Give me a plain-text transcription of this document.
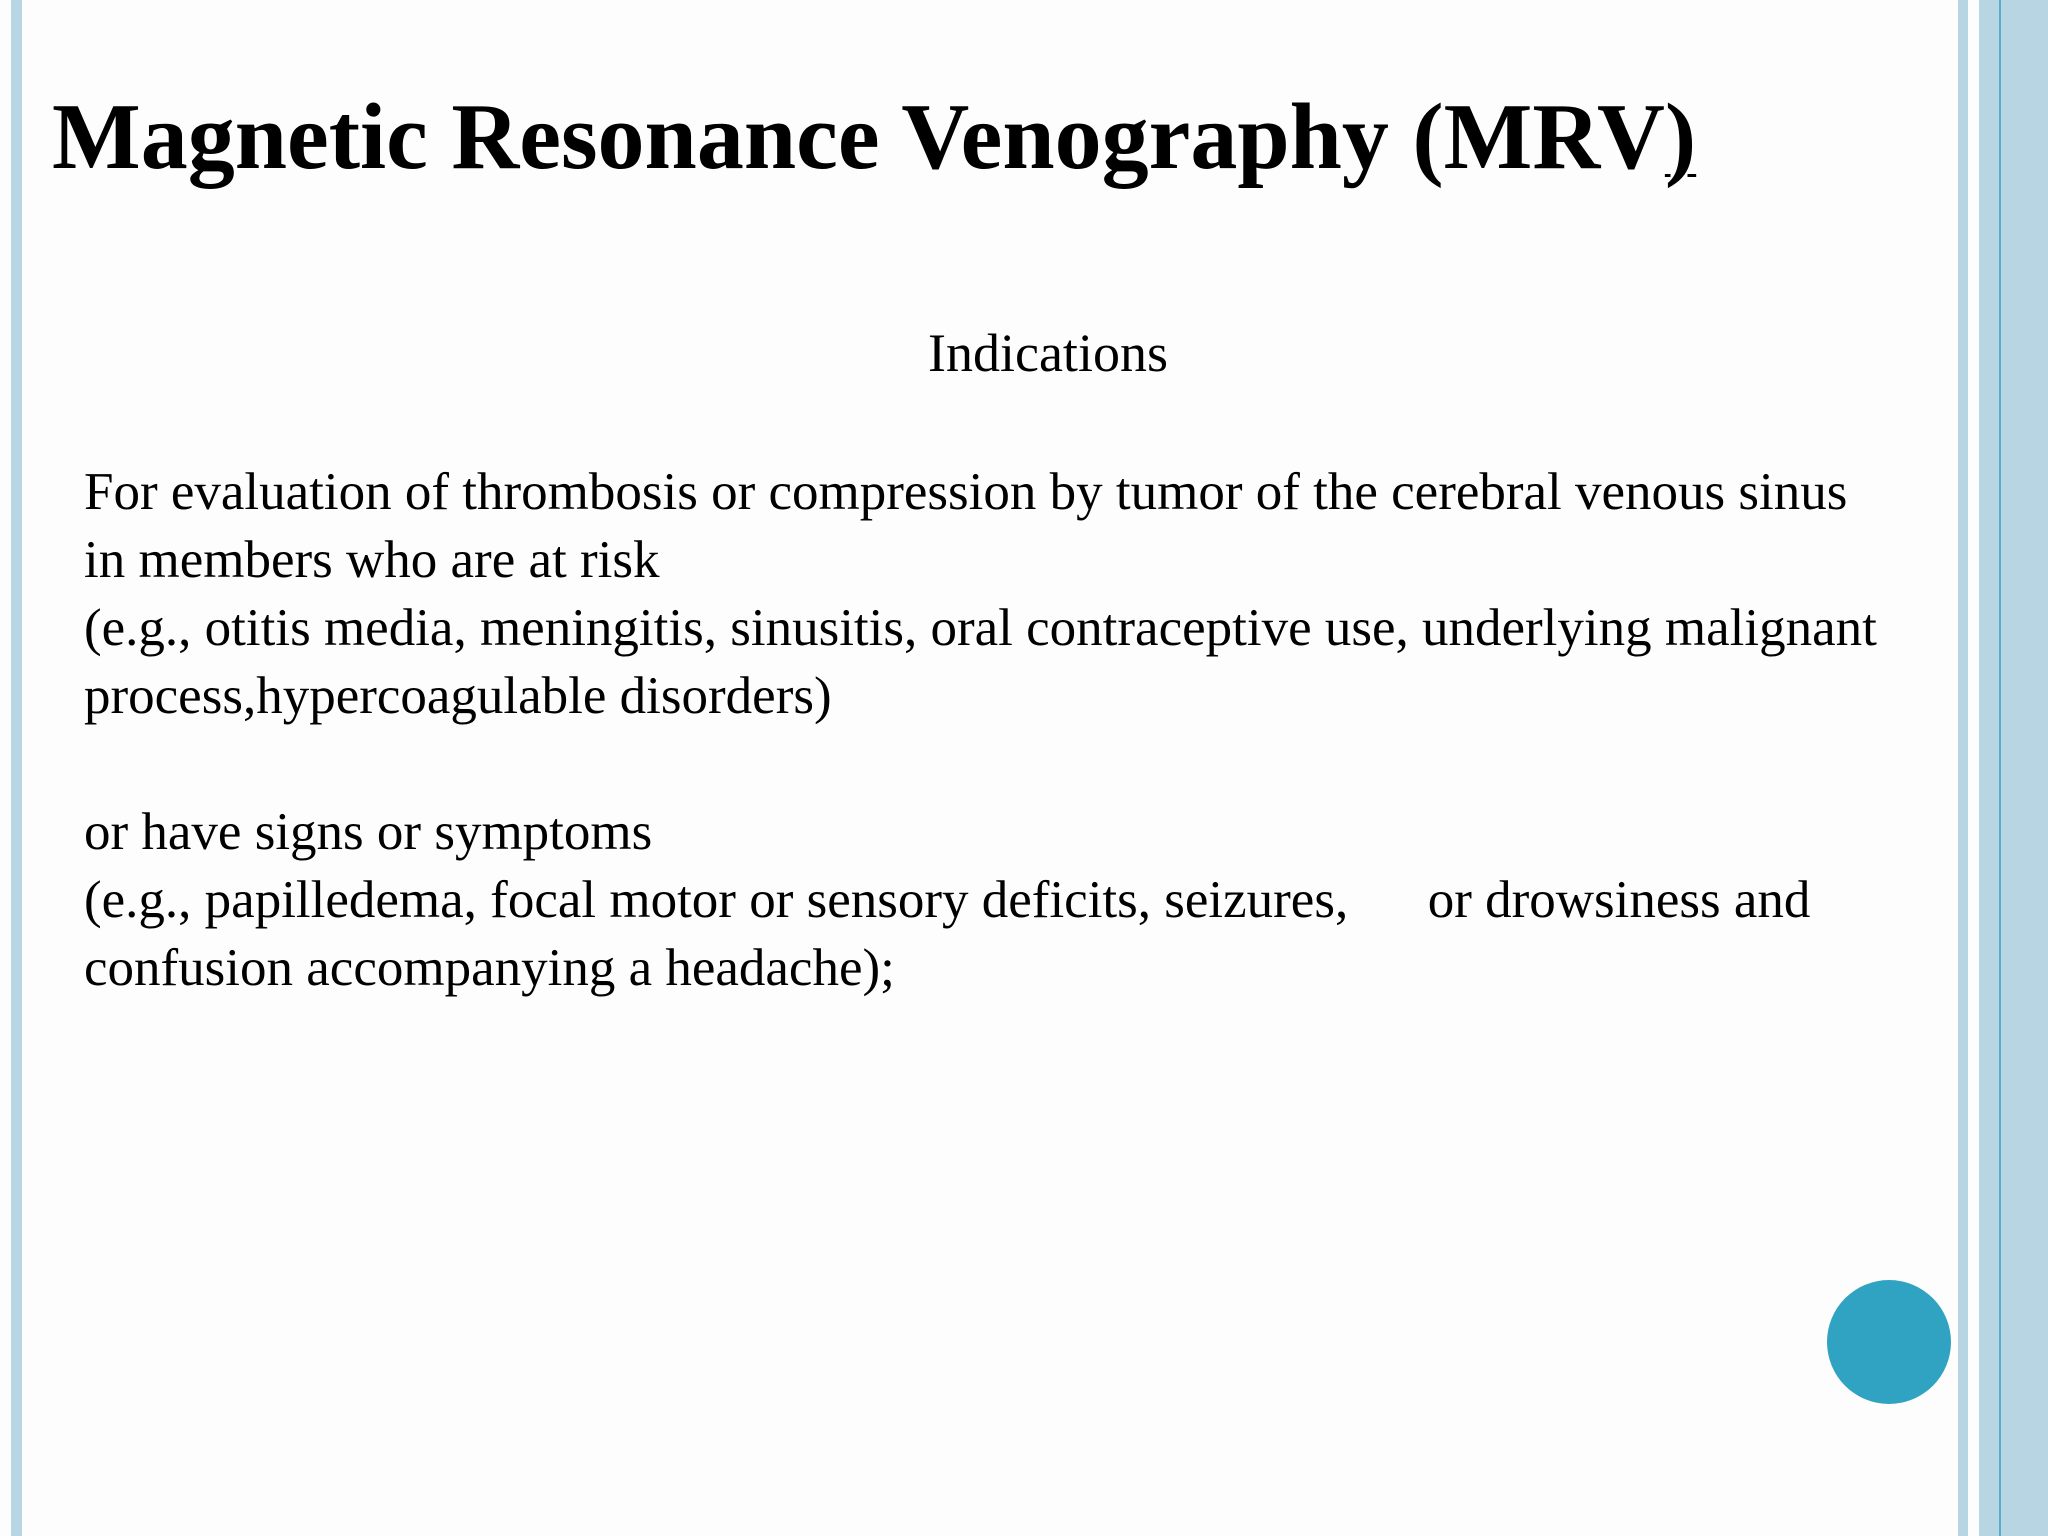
Magnetic Resonance Venography (MRV)
Indications
For evaluation of thrombosis or compression by tumor of the cerebral venous sinus
in members who are at risk
(e.g., otitis media, meningitis, sinusitis, oral contraceptive use, underlying malignant
process,hypercoagulable disorders)
or have signs or symptoms
(e.g., papilledema, focal motor or sensory deficits, seizures,      or drowsiness and
confusion accompanying a headache);
